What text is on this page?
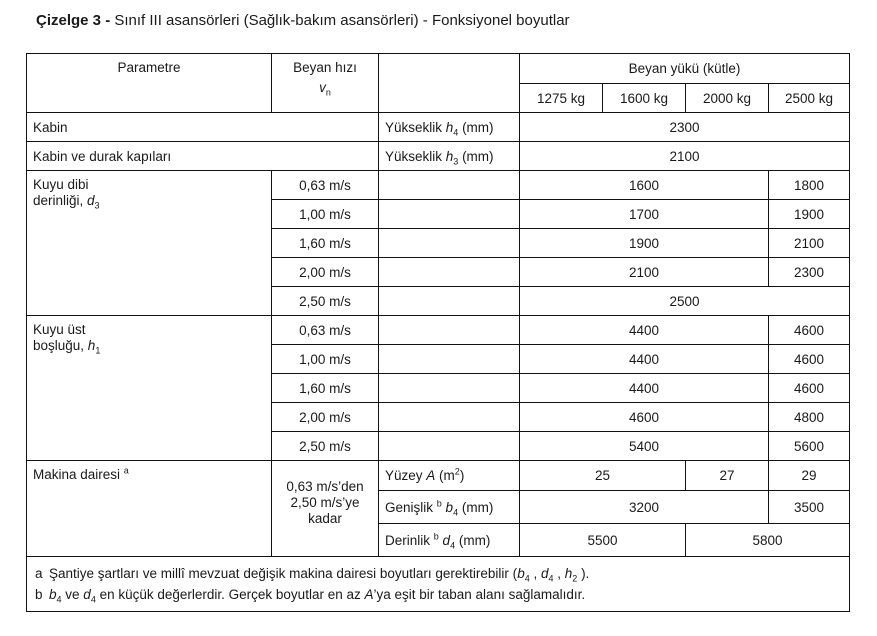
Çizelge 3 - Sınıf III asansörleri (Sağlık-bakım asansörleri) - Fonksiyonel boyutlar
Parametre	Beyan hızı
$v_n$		Beyan yükü (kütle)			
			1275 kg	1600 kg	2000 kg	2500 kg
Kabin		Yükseklik $h_4$ (mm)	2300			
Kabin ve durak kapıları		Yükseklik $h_3$ (mm)	2100			

Kuyu dibi
derinliği, $d_3$	0,63 m/s		1600			1800
	1,00 m/s		1700			1900
	1,60 m/s		1900			2100
	2,00 m/s		2100			2300
	2,50 m/s		2500			

Kuyu üst
boşluğu, $h_1$	0,63 m/s		4400			4600
	1,00 m/s		4400			4600
	1,60 m/s		4400			4600
	2,00 m/s		4600			4800
	2,50 m/s		5400			5600
Makina dairesi $^a$	0,63 m/s’den
2,50 m/s’ye
kadar	Yüzey A $(m^2)$	25		27	29
		Genişlik $^b$ $b_4$ (mm)	3200			3500
		Derinlik $^b$ $d_4$ (mm)	5500		5800	

a Şantiye şartları ve millî mevzuat değişik makina dairesi boyutları gerektirebilir ($b_4$ , $d_4$ , $h_2$ ).
b $b_4$ ve $d_4$ en küçük değerlerdir. Gerçek boyutlar en az A’ya eşit bir taban alanı sağlamalıdır.						
